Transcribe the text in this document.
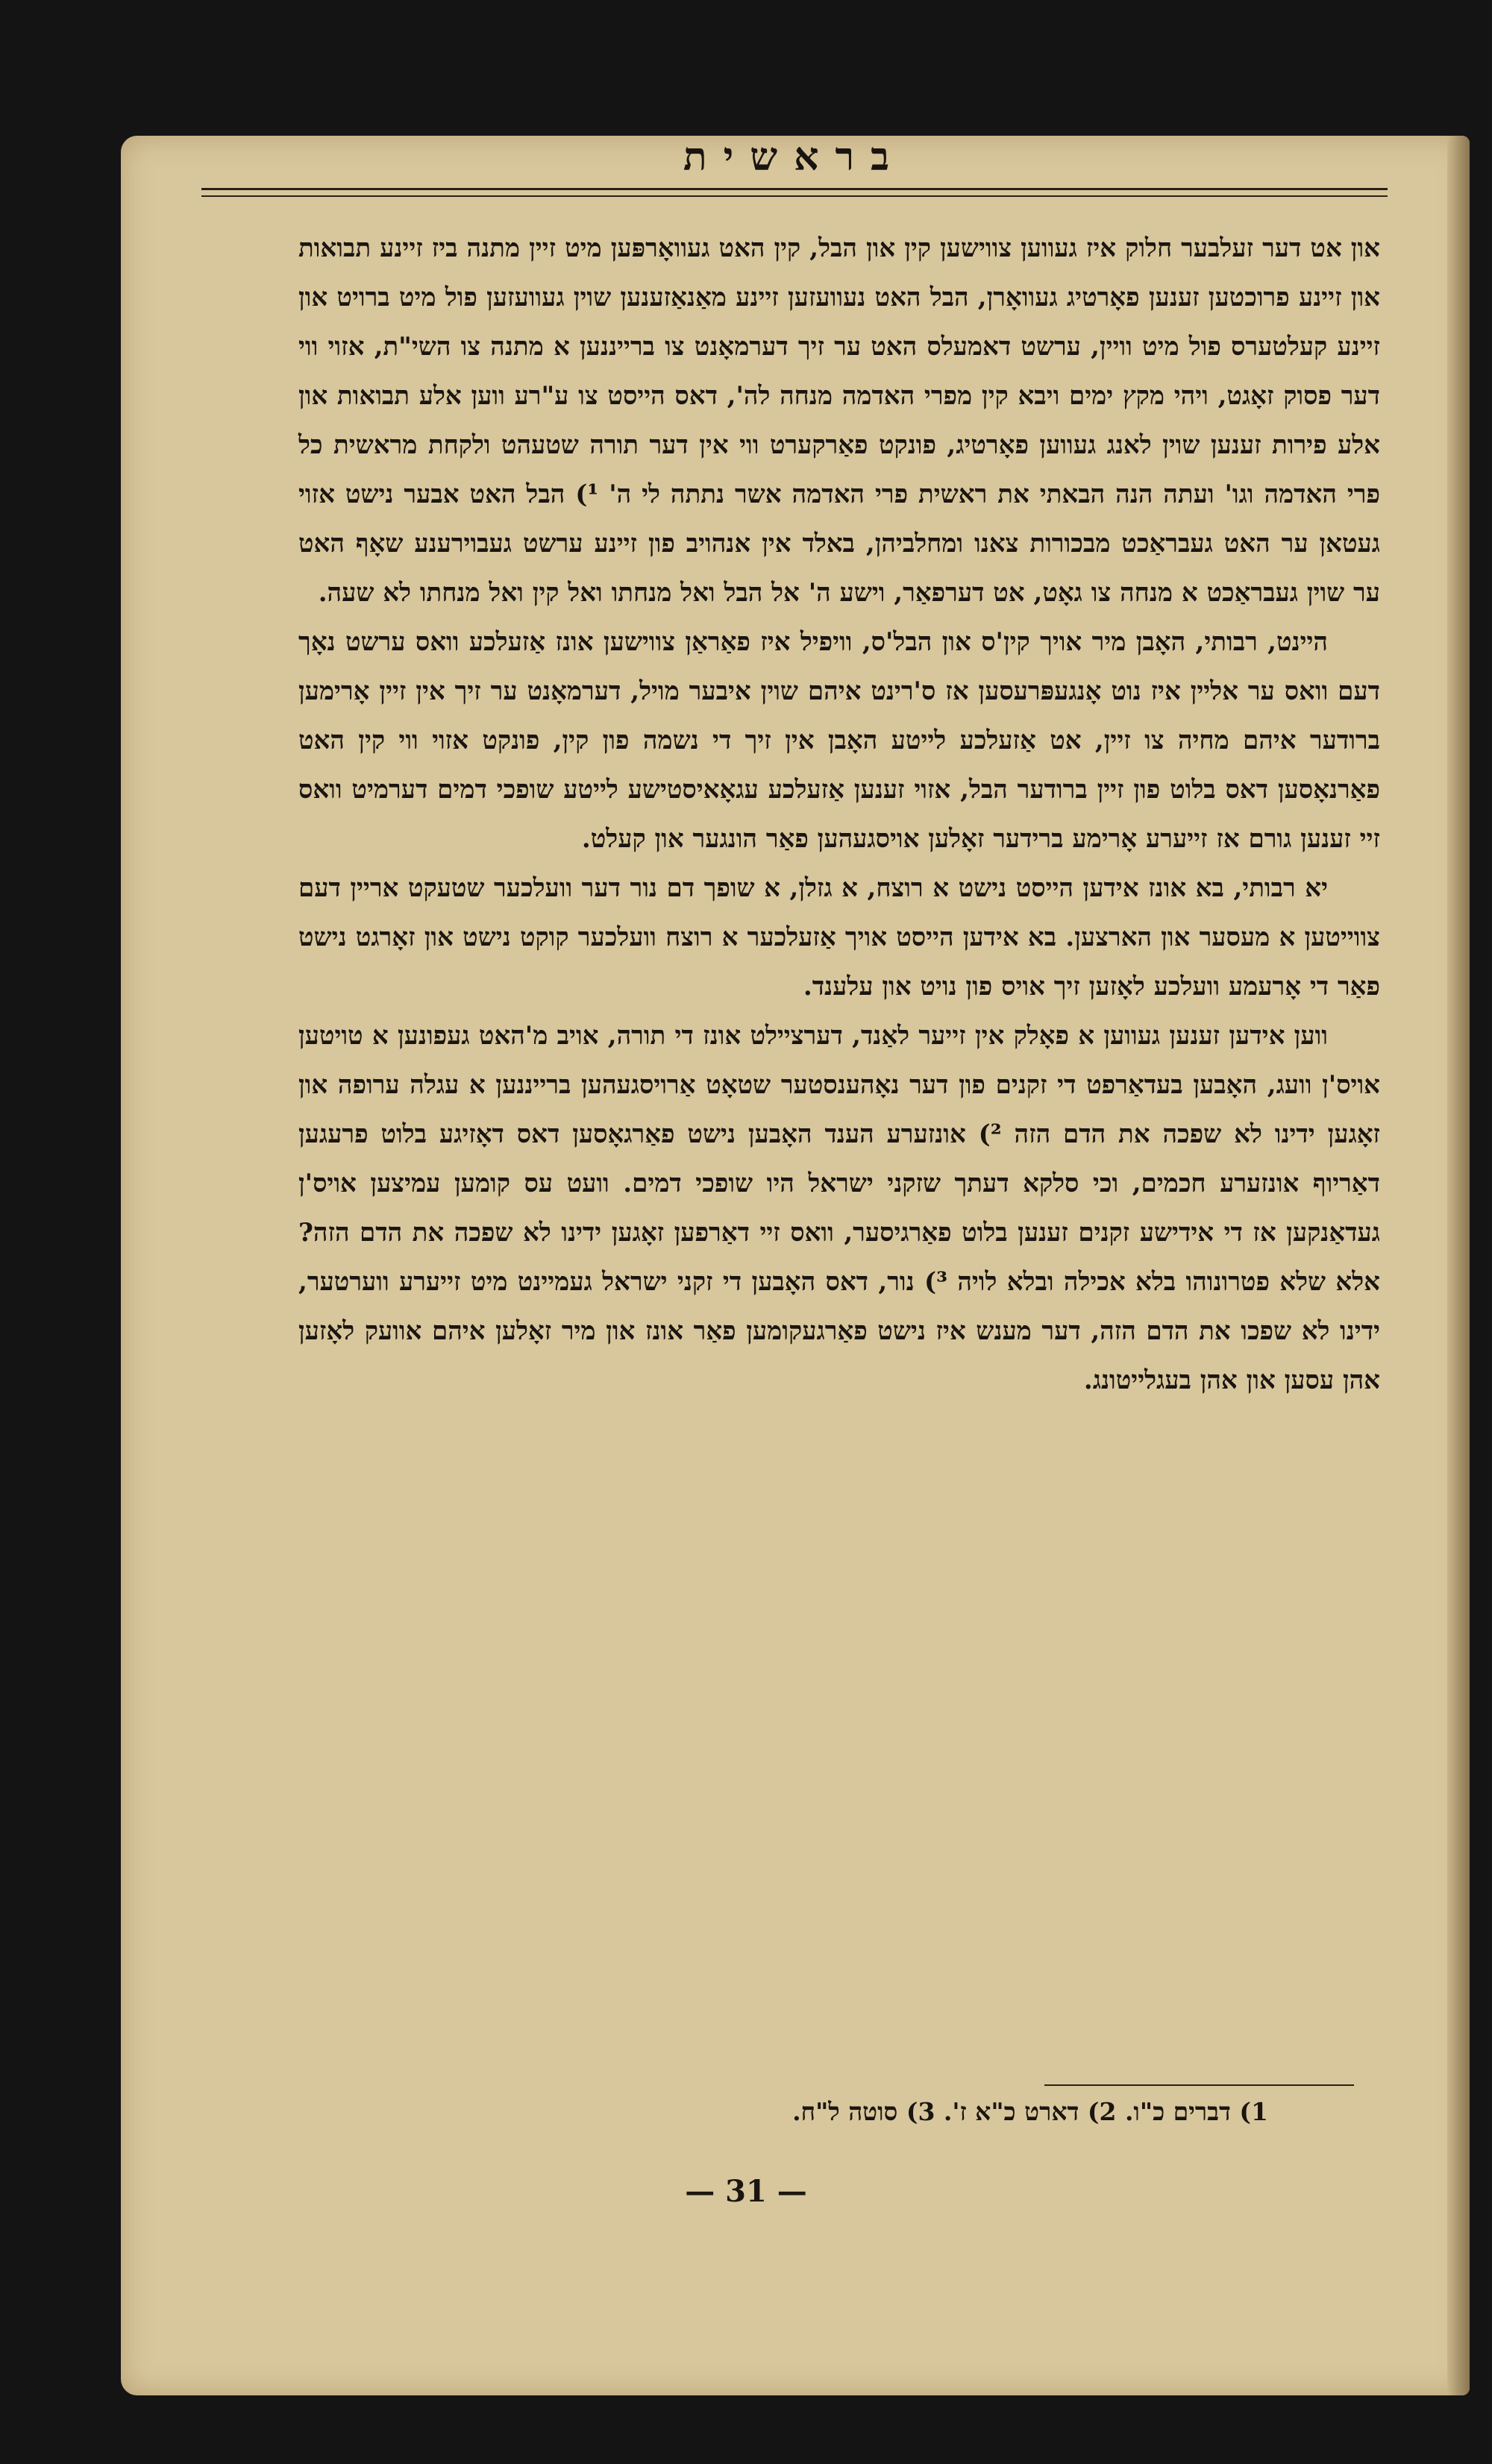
בראשית

און אט דער זעלבער חלוק איז געווען צווישען קין און הבל, קין האט געוואָרפּען מיט זיין מתנה ביז זיינע תבואות און זיינע פרוכטען זענען פאָרטיג געוואָרן, הבל האט נעוועזען זיינע מאַנאַזענען שוין געוועזען פול מיט ברויט און זיינע קעלטערס פול מיט וויין, ערשט דאמעלס האט ער זיך דערמאָנט צו ברייננען א מתנה צו השי"ת, אזוי ווי דער פסוק זאָגט, ויהי מקץ ימים ויבא קין מפרי האדמה מנחה לה', דאס הייסט צו ע"רע ווען אלע תבואות און אלע פירות זענען שוין לאנג געווען פאָרטיג, פונקט פאַרקערט ווי אין דער תורה שטעהט ולקחת מראשית כל פרי האדמה וגו' ועתה הנה הבאתי את ראשית פרי האדמה אשר נתתה לי ה' ¹) הבל האט אבער נישט אזוי געטאן ער האט געבראַכט מבכורות צאנו ומחלביהן, באלד אין אנהויב פון זיינע ערשט געבוירענע שאָף האט ער שוין געבראַכט א מנחה צו גאָט, אט דערפאַר, וישע ה' אל הבל ואל מנחתו ואל קין ואל מנחתו לא שעה.

היינט, רבותי, האָבן מיר אויך קין'ס און הבל'ס, וויפיל איז פאַראַן צווישען אונז אַזעלכע וואס ערשט נאָך דעם וואס ער אליין איז נוט אָנגעפּרעסען אז ס'רינט איהם שוין איבער מויל, דערמאָנט ער זיך אין זיין אָרימען ברודער איהם מחיה צו זיין, אט אַזעלכע לייטע האָבן אין זיך די נשמה פון קין, פונקט אזוי ווי קין האט פאַרנאָסען דאס בלוט פון זיין ברודער הבל, אזוי זענען אַזעלכע עגאָאיסטישע לייטע שופכי דמים דערמיט וואס זיי זענען גורם אז זייערע אָרימע ברידער זאָלען אויסגעהען פאַר הונגער און קעלט.

יא רבותי, בא אונז אידען הייסט נישט א רוצח, א גזלן, א שופך דם נור דער וועלכער שטעקט אריין דעם צווייטען א מעסער און הארצען. בא אידען הייסט אויך אַזעלכער א רוצח וועלכער קוקט נישט און זאָרגט נישט פאַר די אָרעמע וועלכע לאָזען זיך אויס פון נויט און עלענד.

ווען אידען זענען געווען א פאָלק אין זייער לאַנד, דערציילט אונז די תורה, אויב מ'האט געפונען א טויטען אויס'ן וועג, האָבען בעדאַרפט די זקנים פון דער נאָהענסטער שטאָט אַרויסגעהען ברייננען א עגלה ערופה און זאָגען ידינו לא שפכה את הדם הזה ²) אונזערע הענד האָבען נישט פאַרגאָסען דאס דאָזיגע בלוט פרעגען דאַריוף אונזערע חכמים, וכי סלקא דעתך שזקני ישראל היו שופכי דמים. וועט עס קומען עמיצען אויס'ן געדאַנקען אז די אידישע זקנים זענען בלוט פאַרגיסער, וואס זיי דאַרפען זאָגען ידינו לא שפכה את הדם הזה? אלא שלא פטרונוהו בלא אכילה ובלא לויה ³) נור, דאס האָבען די זקני ישראל געמיינט מיט זייערע ווערטער, ידינו לא שפכו את הדם הזה, דער מענש איז נישט פאַרגעקומען פאַר אונז און מיר זאָלען איהם אוועק לאָזען אהן עסען און אהן בעגלייטונג.

1) דברים כ"ו. 2) דארט כ"א ז'. 3) סוטה ל"ח.
— 31 —
